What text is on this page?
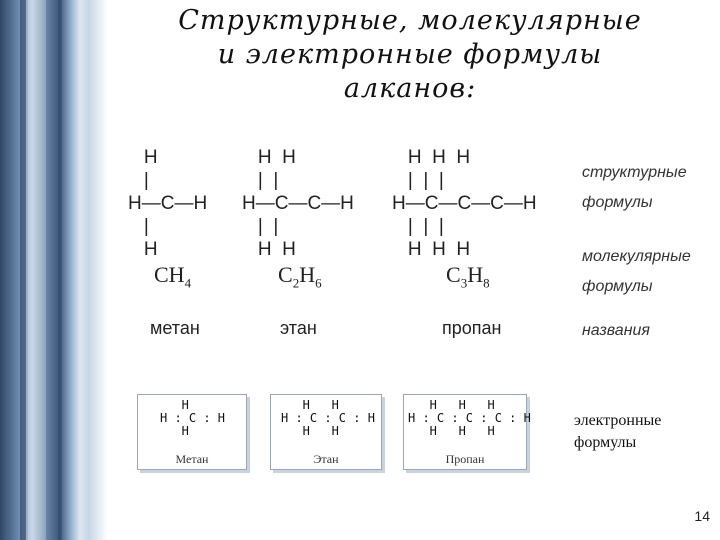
Структурные, молекулярные
и электронные формулы
алканов:
H
|
H—C—H
|
H
H  H
|  |
H—C—C—H
|  |
H  H
H  H  H
|  |  |
H—C—C—C—H
|  |  |
H  H  H
$CH_4$	$C_2H_6$	$C_3H_8$
метан	этан	пропан
структурные
формулы
молекулярные
формулы
названия
H
H : C : H
H
Метан
H   H
H : C : C : H
H   H
Этан
H   H   H
H : C : C : C : H
H   H   H
Пропан
электронные
формулы
14
